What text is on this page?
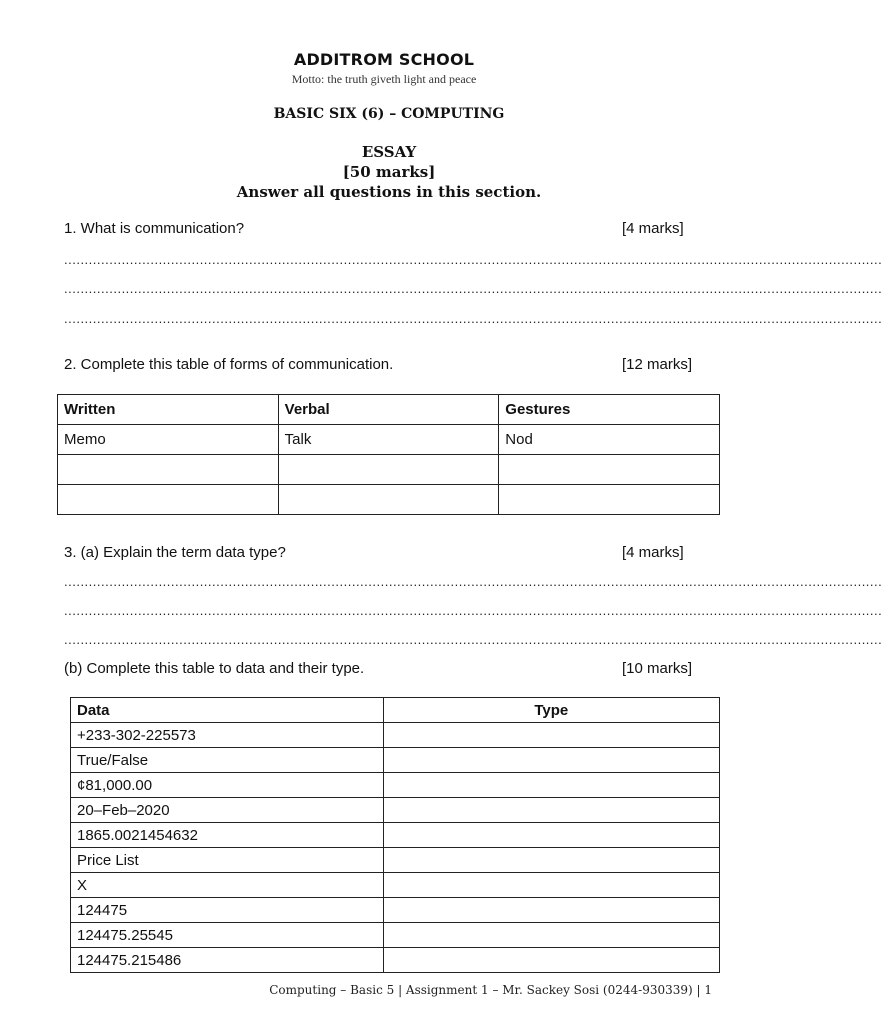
ADDITROM SCHOOL
Motto: the truth giveth light and peace
BASIC SIX (6) – COMPUTING
ESSAY
[50 marks]
Answer all questions in this section.
1. What is communication?	[4 marks]
.......................................................................................................................................................................................................
.......................................................................................................................................................................................................
.......................................................................................................................................................................................................
2. Complete this table of forms of communication.	[12 marks]
Written	Verbal	Gestures
Memo	Talk	Nod

3. (a) Explain the term data type?	[4 marks]
.......................................................................................................................................................................................................
.......................................................................................................................................................................................................
.......................................................................................................................................................................................................
(b) Complete this table to data and their type.	[10 marks]
Data	Type
+233-302-225573	
True/False	
¢81,000.00	
20–Feb–2020	
1865.0021454632	
Price List	
X	
124475	
124475.25545	
124475.215486	
Computing – Basic 5 | Assignment 1 – Mr. Sackey Sosi (0244-930339) | 1
